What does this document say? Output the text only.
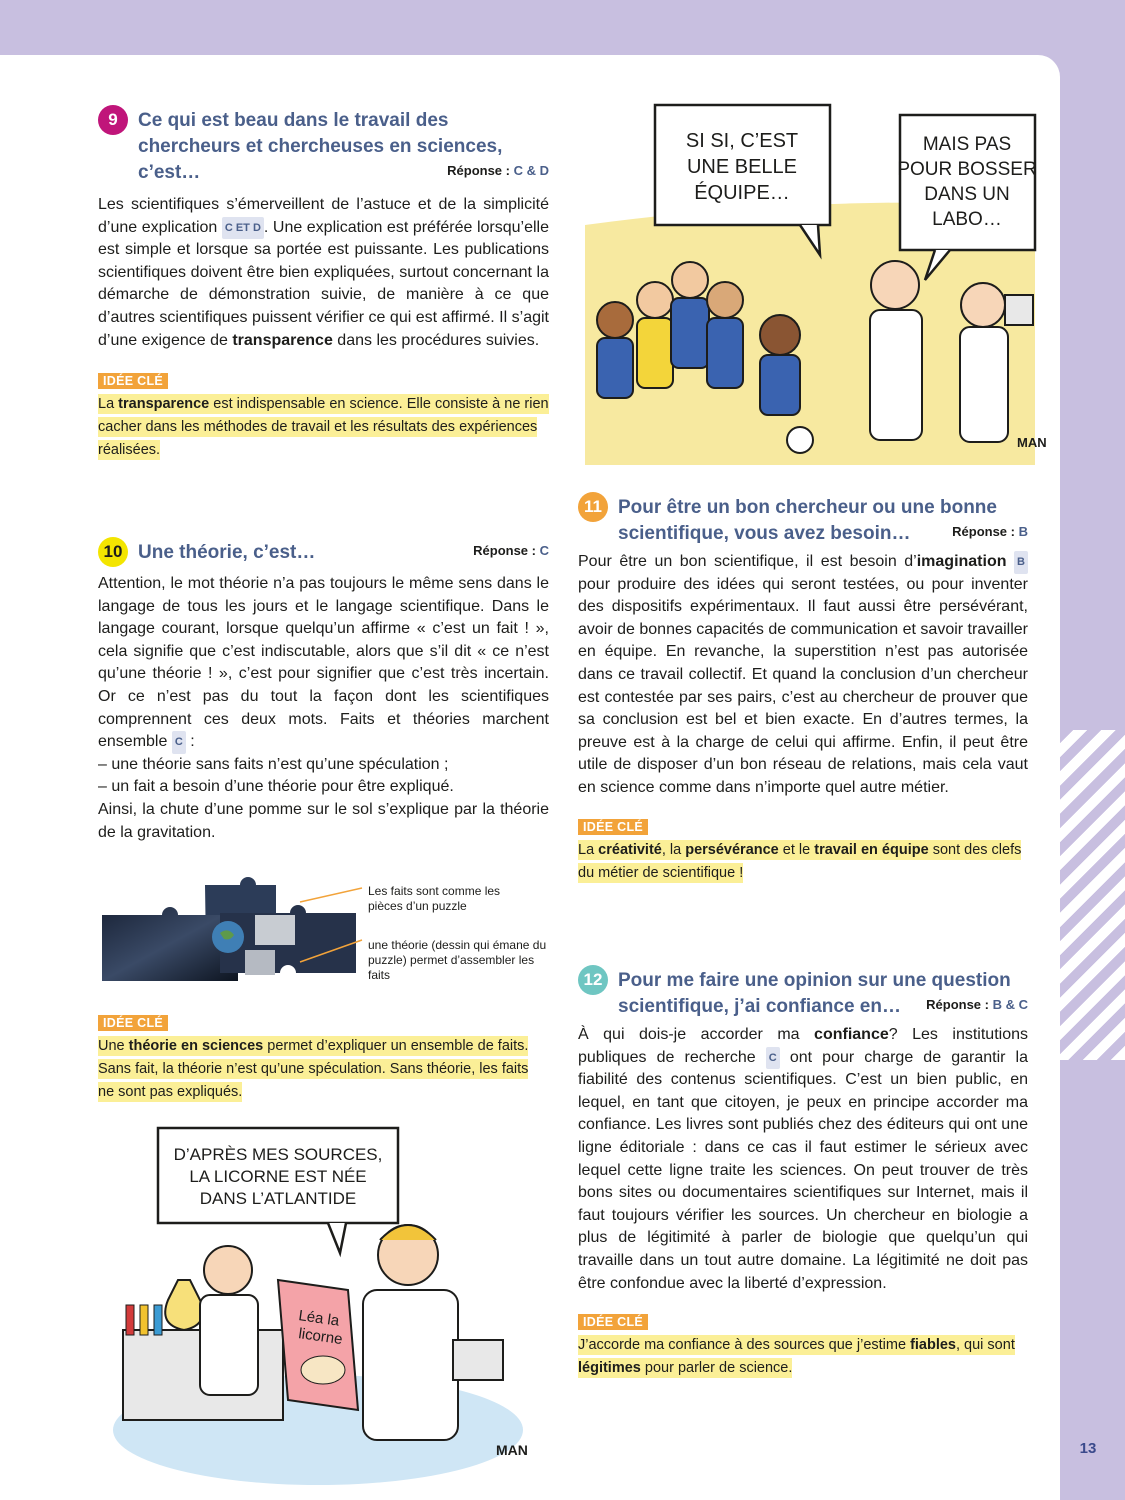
9	Ce qui est beau dans le travail des chercheurs et chercheuses en sciences, c’est…	Réponse : C & D
Les scientifiques s’émerveillent de l’astuce et de la simplicité d’une explication C ET D . Une explication est préférée lorsqu’elle est simple et lorsque sa portée est puissante. Les publications scientifiques doivent être bien expliquées, surtout concernant la démarche de démonstration suivie, de manière à ce que d’autres scientifiques puissent vérifier ce qui est affirmé. Il s’agit d’une exigence de transparence dans les procédures suivies.
IDÉE CLÉ
La transparence est indispensable en science. Elle consiste à ne rien cacher dans les méthodes de travail et les résultats des expériences réalisées.
10 Une théorie, c’est…	Réponse : C
Attention, le mot théorie n’a pas toujours le même sens dans le langage de tous les jours et le langage scientifique. Dans le langage courant, lorsque quelqu’un affirme « c’est un fait ! », cela signifie que c’est indiscutable, alors que s’il dit « ce n’est qu’une théorie ! », c’est pour signifier que c’est très incertain. Or ce n’est pas du tout la façon dont les scientifiques comprennent ces deux mots. Faits et théories marchent ensemble C :
– une théorie sans faits n’est qu’une spéculation ;
– un fait a besoin d’une théorie pour être expliqué.
Ainsi, la chute d’une pomme sur le sol s’explique par la théorie de la gravitation.
Les faits sont comme les pièces d’un puzzle
une théorie (dessin qui émane du puzzle) permet d’assembler les faits
IDÉE CLÉ
Une théorie en sciences permet d’expliquer un ensemble de faits. Sans fait, la théorie n’est qu’une spéculation. Sans théorie, les faits ne sont pas expliqués.
D’APRÈS MES SOURCES,
LA LICORNE EST NÉE
DANS L’ATLANTIDE
Léa la
licorne
MAN
SI SI, C’EST
UNE BELLE
ÉQUIPE…
MAIS PAS
POUR BOSSER
DANS UN
LABO…
MAN
11 Pour être un bon chercheur ou une bonne scientifique, vous avez besoin…	Réponse : B
Pour être un bon scientifique, il est besoin d’imagination B pour produire des idées qui seront testées, ou pour inventer des dispositifs expérimentaux. Il faut aussi être persévérant, avoir de bonnes capacités de communication et savoir travailler en équipe. En revanche, la superstition n’est pas autorisée dans ce travail collectif. Et quand la conclusion d’un chercheur est contestée par ses pairs, c’est au chercheur de prouver que sa conclusion est bel et bien exacte. En d’autres termes, la preuve est à la charge de celui qui affirme. Enfin, il peut être utile de disposer d’un bon réseau de relations, mais cela vaut en science comme dans n’importe quel autre métier.
IDÉE CLÉ
La créativité, la persévérance et le travail en équipe sont des clefs du métier de scientifique !
12 Pour me faire une opinion sur une question scientifique, j’ai confiance en… Réponse : B & C
À qui dois-je accorder ma confiance? Les institutions publiques de recherche C ont pour charge de garantir la fiabilité des contenus scientifiques. C’est un bien public, en lequel, en tant que citoyen, je peux en principe accorder ma confiance. Les livres sont publiés chez des éditeurs qui ont une ligne éditoriale : dans ce cas il faut estimer le sérieux avec lequel cette ligne traite les sciences. On peut trouver de très bons sites ou documentaires scientifiques sur Internet, mais il faut toujours vérifier les sources. Un chercheur en biologie a plus de légitimité à parler de biologie que quelqu’un qui travaille dans un tout autre domaine. La légitimité ne doit pas être confondue avec la liberté d’expression.
IDÉE CLÉ
J’accorde ma confiance à des sources que j’estime fiables, qui sont légitimes pour parler de science.
13
